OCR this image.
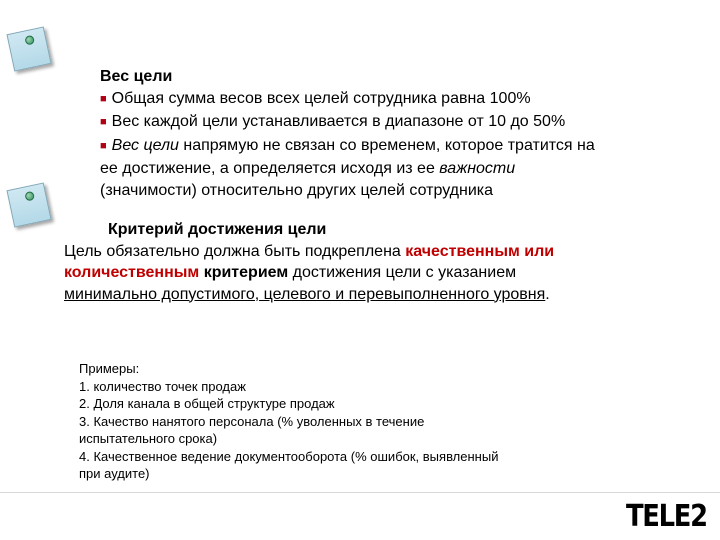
Вес цели
■ Общая сумма весов всех целей сотрудника равна 100%
■ Вес каждой цели устанавливается в диапазоне от 10 до 50%
■ Вес цели напрямую не связан со временем, которое тратится на
ее достижение, а определяется исходя из ее важности
(значимости) относительно других целей сотрудника
Критерий достижения цели
Цель обязательно должна быть подкреплена качественным или
количественным критерием достижения цели с указанием
минимально допустимого, целевого и перевыполненного уровня.
Примеры:
1. количество точек продаж
2. Доля канала в общей структуре продаж
3. Качество нанятого персонала (% уволенных в течение
испытательного срока)
4. Качественное ведение документооборота (% ошибок, выявленный
при аудите)
TELE2
